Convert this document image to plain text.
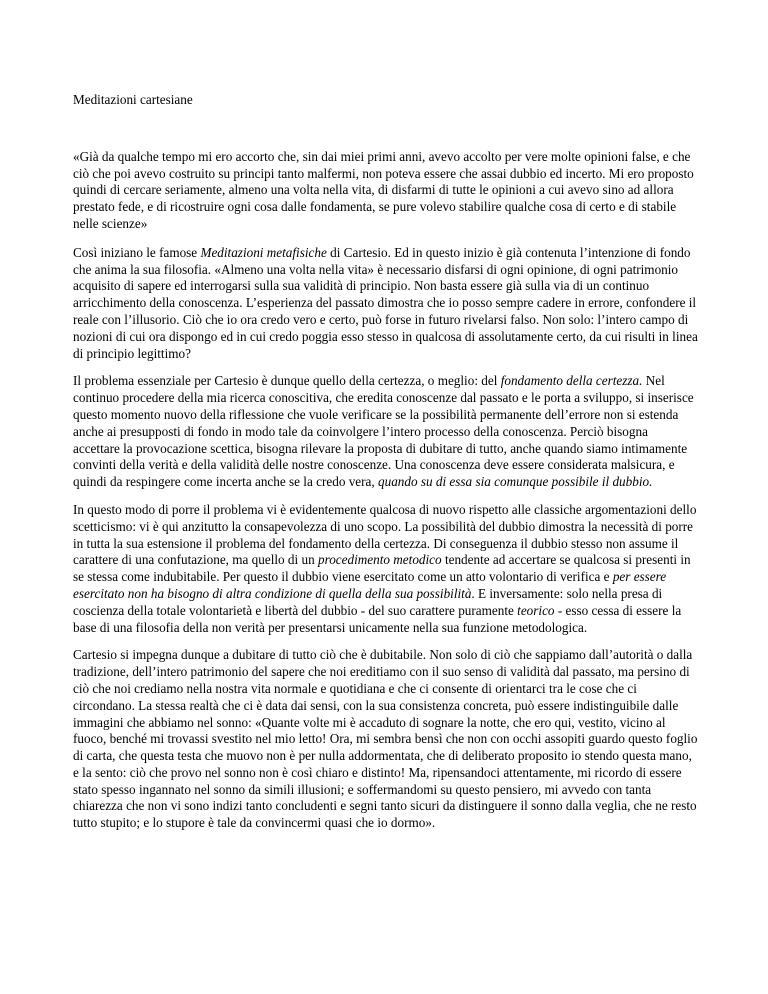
Meditazioni cartesiane

«Già da qualche tempo mi ero accorto che, sin dai miei primi anni, avevo accolto per vere molte opinioni false, e che ciò che poi avevo costruito su principi tanto malfermi, non poteva essere che assai dubbio ed incerto. Mi ero proposto quindi di cercare seriamente, almeno una volta nella vita, di disfarmi di tutte le opinioni a cui avevo sino ad allora prestato fede, e di ricostruire ogni cosa dalle fondamenta, se pure volevo stabilire qualche cosa di certo e di stabile nelle scienze»

Così iniziano le famose Meditazioni metafisiche di Cartesio. Ed in questo inizio è già contenuta l’intenzione di fondo che anima la sua filosofia. «Almeno una volta nella vita» è necessario disfarsi di ogni opinione, di ogni patrimonio acquisito di sapere ed interrogarsi sulla sua validità di principio. Non basta essere già sulla via di un continuo arricchimento della conoscenza. L’esperienza del passato dimostra che io posso sempre cadere in errore, confondere il reale con l’illusorio. Ciò che io ora credo vero e certo, può forse in futuro rivelarsi falso. Non solo: l’intero campo di nozioni di cui ora dispongo ed in cui credo poggia esso stesso in qualcosa di assolutamente certo, da cui risulti in linea di principio legittimo?

Il problema essenziale per Cartesio è dunque quello della certezza, o meglio: del fondamento della certezza. Nel continuo procedere della mia ricerca conoscitiva, che eredita conoscenze dal passato e le porta a sviluppo, si inserisce questo momento nuovo della riflessione che vuole verificare se la possibilità permanente dell’errore non si estenda anche ai presupposti di fondo in modo tale da coinvolgere l’intero processo della conoscenza. Perciò bisogna accettare la provocazione scettica, bisogna rilevare la proposta di dubitare di tutto, anche quando siamo intimamente convinti della verità e della validità delle nostre conoscenze. Una conoscenza deve essere considerata malsicura, e quindi da respingere come incerta anche se la credo vera, quando su di essa sia comunque possibile il dubbio.

In questo modo di porre il problema vi è evidentemente qualcosa di nuovo rispetto alle classiche argomentazioni dello scetticismo: vi è qui anzitutto la consapevolezza di uno scopo. La possibilità del dubbio dimostra la necessità di porre in tutta la sua estensione il problema del fondamento della certezza. Di conseguenza il dubbio stesso non assume il carattere di una confutazione, ma quello di un procedimento metodico tendente ad accertare se qualcosa si presenti in se stessa come indubitabile. Per questo il dubbio viene esercitato come un atto volontario di verifica e per essere esercitato non ha bisogno di altra condizione di quella della sua possibilità. E inversamente: solo nella presa di coscienza della totale volontarietà e libertà del dubbio - del suo carattere puramente teorico - esso cessa di essere la base di una filosofia della non verità per presentarsi unicamente nella sua funzione metodologica.

Cartesio si impegna dunque a dubitare di tutto ciò che è dubitabile. Non solo di ciò che sappiamo dall’autorità o dalla tradizione, dell’intero patrimonio del sapere che noi ereditiamo con il suo senso di validità dal passato, ma persino di ciò che noi crediamo nella nostra vita normale e quotidiana e che ci consente di orientarci tra le cose che ci circondano. La stessa realtà che ci è data dai sensi, con la sua consistenza concreta, può essere indistinguibile dalle immagini che abbiamo nel sonno: «Quante volte mi è accaduto di sognare la notte, che ero qui, vestito, vicino al fuoco, benché mi trovassi svestito nel mio letto! Ora, mi sembra bensì che non con occhi assopiti guardo questo foglio di carta, che questa testa che muovo non è per nulla addormentata, che di deliberato proposito io stendo questa mano, e la sento: ciò che provo nel sonno non è così chiaro e distinto! Ma, ripensandoci attentamente, mi ricordo di essere stato spesso ingannato nel sonno da simili illusioni; e soffermandomi su questo pensiero, mi avvedo con tanta chiarezza che non vi sono indizi tanto concludenti e segni tanto sicuri da distinguere il sonno dalla veglia, che ne resto tutto stupito; e lo stupore è tale da convincermi quasi che io dormo».
